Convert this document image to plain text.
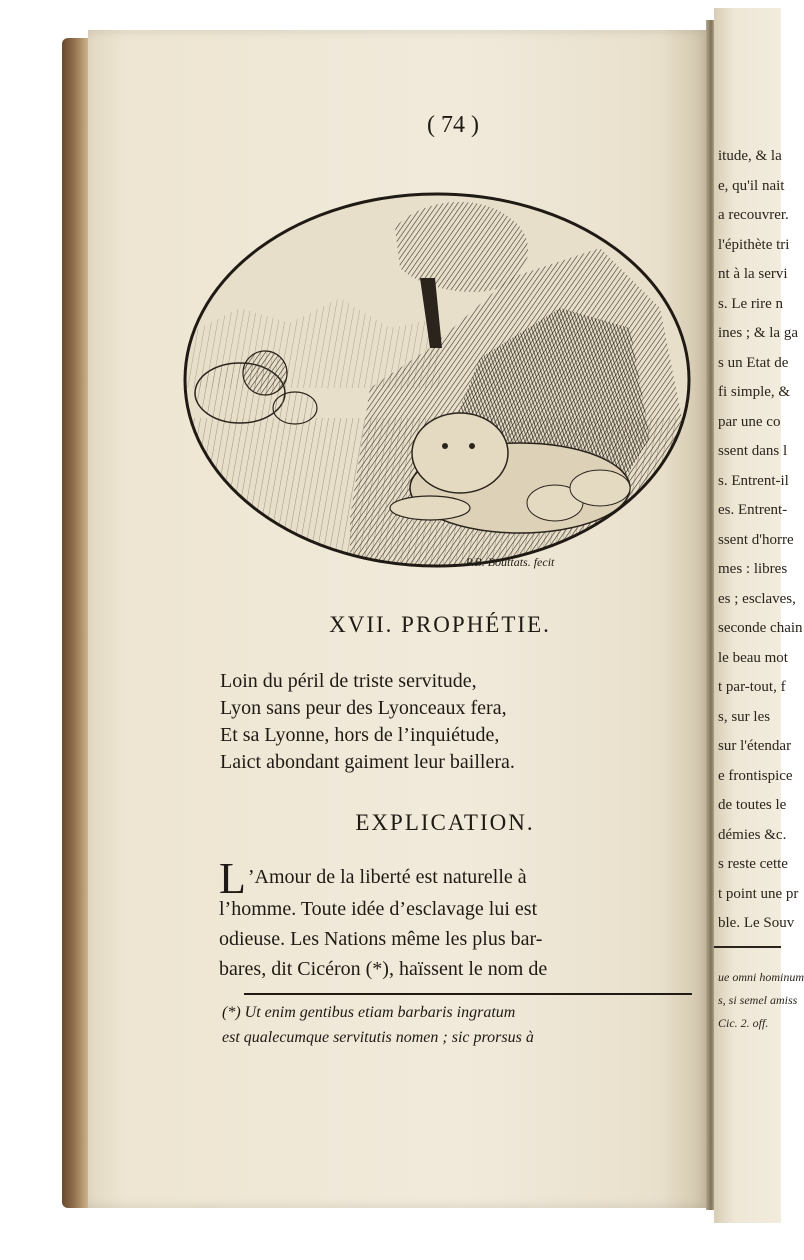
itude, & la
e, qu'il nait
a recouvrer.
l'épithète tri
nt à la servi
s. Le rire n
ines ; & la ga
s un Etat de
fi simple, &
par une co
ssent dans l
s. Entrent-il
es. Entrent-
ssent d'horre
mes : libres
es ; esclaves,
seconde chain
le beau mot
t par-tout, f
s, sur les
sur l'étendar
e frontispice
de toutes le
démies &c.
s reste cette
t point une pr
ble. Le Souv
ue omni hominum
s, si semel amiss
Cic. 2. off.
( 74 )
P.B. Bouttats. fecit
XVII. PROPHÉTIE.
Loin du péril de triste servitude,
Lyon sans peur des Lyonceaux fera,
Et sa Lyonne, hors de l’inquiétude,
Laict abondant gaiment leur baillera.
EXPLICATION.
L ’Amour de la liberté est naturelle à
l’homme. Toute idée d’esclavage lui est
odieuse. Les Nations même les plus bar-
bares, dit Cicéron (*), haïssent le nom de
(*) Ut enim gentibus etiam barbaris ingratum
est qualecumque servitutis nomen ; sic prorsus à
